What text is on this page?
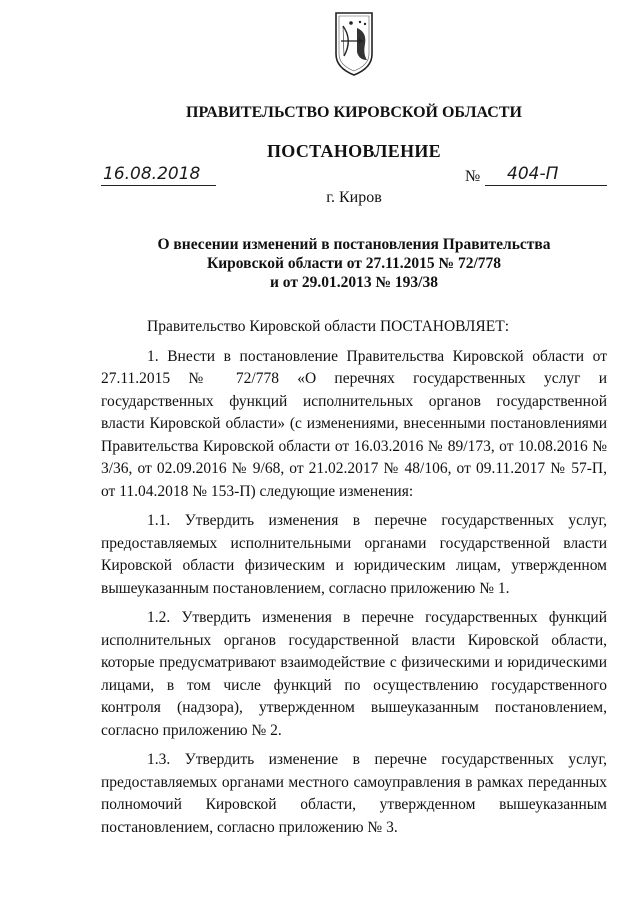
ПРАВИТЕЛЬСТВО КИРОВСКОЙ ОБЛАСТИ
ПОСТАНОВЛЕНИЕ
16.08.2018	№ 404-П
г. Киров
О внесении изменений в постановления Правительства
Кировской области от 27.11.2015 № 72/778
и от 29.01.2013 № 193/38

Правительство Кировской области ПОСТАНОВЛЯЕТ:

1. Внести в постановление Правительства Кировской области от 27.11.2015 № 72/778 «О перечнях государственных услуг и государственных функций исполнительных органов государственной власти Кировской области» (с изменениями, внесенными постановлениями Правительства Кировской области от 16.03.2016 № 89/173, от 10.08.2016 № 3/36, от 02.09.2016 № 9/68, от 21.02.2017 № 48/106, от 09.11.2017 № 57-П, от 11.04.2018 № 153-П) следующие изменения:

1.1. Утвердить изменения в перечне государственных услуг, предоставляемых исполнительными органами государственной власти Кировской области физическим и юридическим лицам, утвержденном вышеуказанным постановлением, согласно приложению № 1.

1.2. Утвердить изменения в перечне государственных функций исполнительных органов государственной власти Кировской области, которые предусматривают взаимодействие с физическими и юридическими лицами, в том числе функций по осуществлению государственного контроля (надзора), утвержденном вышеуказанным постановлением, согласно приложению № 2.

1.3. Утвердить изменение в перечне государственных услуг, предоставляемых органами местного самоуправления в рамках переданных полномочий Кировской области, утвержденном вышеуказанным постановлением, согласно приложению № 3.
